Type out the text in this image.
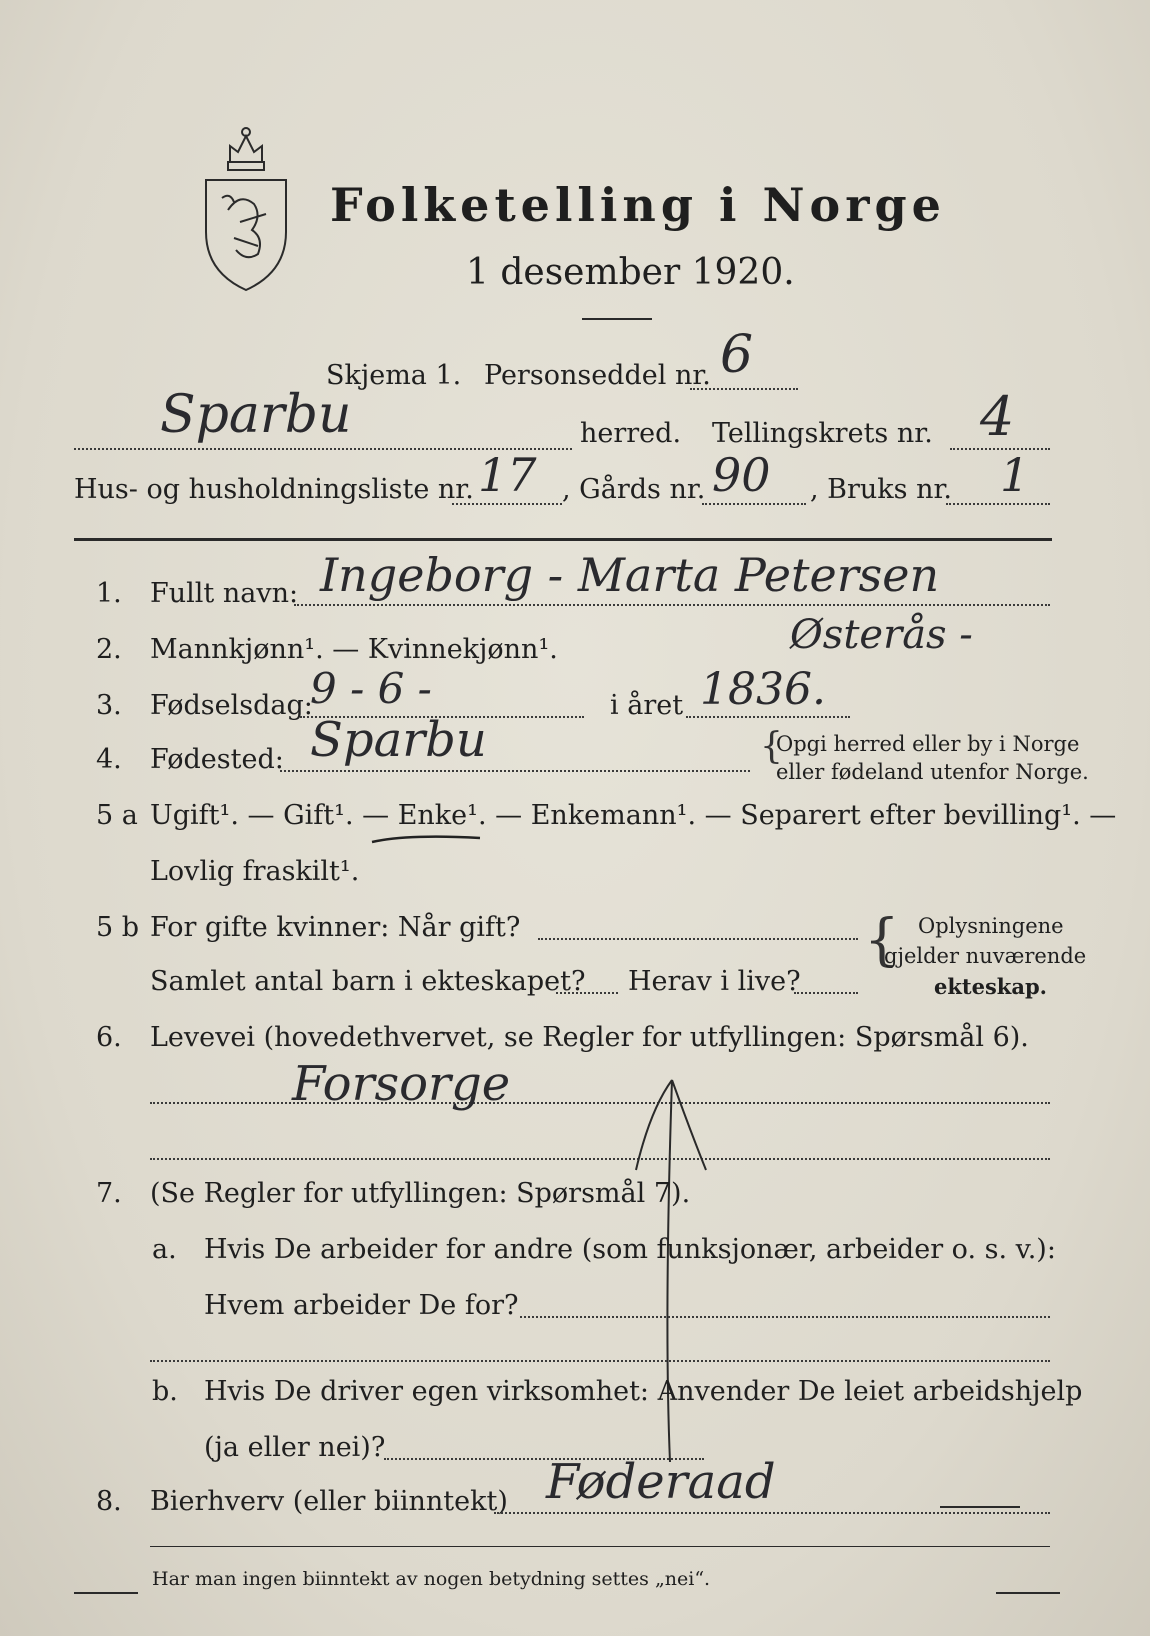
Folketelling i Norge
1 desember 1920.
Skjema 1. Personseddel nr. 6
Sparbu	herred. Tellingskrets nr. 4
Hus- og husholdningsliste nr. 17 , Gårds nr. 90 , Bruks nr. 1
1. Fullt navn: Ingeborg - Marta Petersen
Østerås -
2. Mannkjønn¹. — Kvinnekjønn¹.
3. Fødselsdag:
9 - 6 -	i året 1836.
4. Fødested: Sparbu	{
Opgi herred eller by i Norge
eller fødeland utenfor Norge.
5 a Ugift¹. — Gift¹. — Enke¹. — Enkemann¹. — Separert efter bevilling¹. —
Lovlig fraskilt¹.
5 b For gifte kvinner: Når gift?
Samlet antal barn i ekteskapet? Herav i live?
{ Oplysningene
gjelder nuværende
ekteskap.
6. Levevei (hovedethvervet, se Regler for utfyllingen: Spørsmål 6).
Forsorge
7. (Se Regler for utfyllingen: Spørsmål 7).
a. Hvis De arbeider for andre (som funksjonær, arbeider o. s. v.):
Hvem arbeider De for?
b. Hvis De driver egen virksomhet: Anvender De leiet arbeidshjelp
(ja eller nei)?
8. Bierhverv (eller biinntekt) Føderaad
Har man ingen biinntekt av nogen betydning settes „nei“.
